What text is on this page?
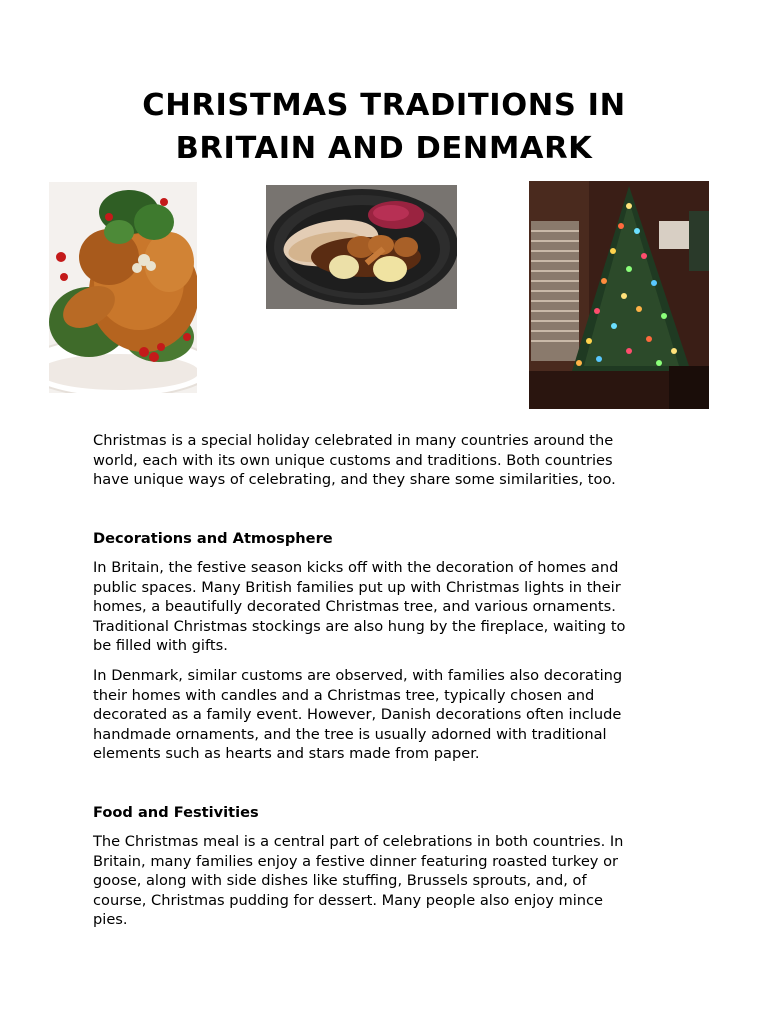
CHRISTMAS TRADITIONS IN
BRITAIN AND DENMARK

Christmas is a special holiday celebrated in many countries around the
world, each with its own unique customs and traditions. Both countries
have unique ways of celebrating, and they share some similarities, too.

Decorations and Atmosphere

In Britain, the festive season kicks off with the decoration of homes and
public spaces. Many British families put up with Christmas lights in their
homes, a beautifully decorated Christmas tree, and various ornaments.
Traditional Christmas stockings are also hung by the fireplace, waiting to
be filled with gifts.

In Denmark, similar customs are observed, with families also decorating
their homes with candles and a Christmas tree, typically chosen and
decorated as a family event. However, Danish decorations often include
handmade ornaments, and the tree is usually adorned with traditional
elements such as hearts and stars made from paper.

Food and Festivities

The Christmas meal is a central part of celebrations in both countries. In
Britain, many families enjoy a festive dinner featuring roasted turkey or
goose, along with side dishes like stuffing, Brussels sprouts, and, of
course, Christmas pudding for dessert. Many people also enjoy mince
pies.
